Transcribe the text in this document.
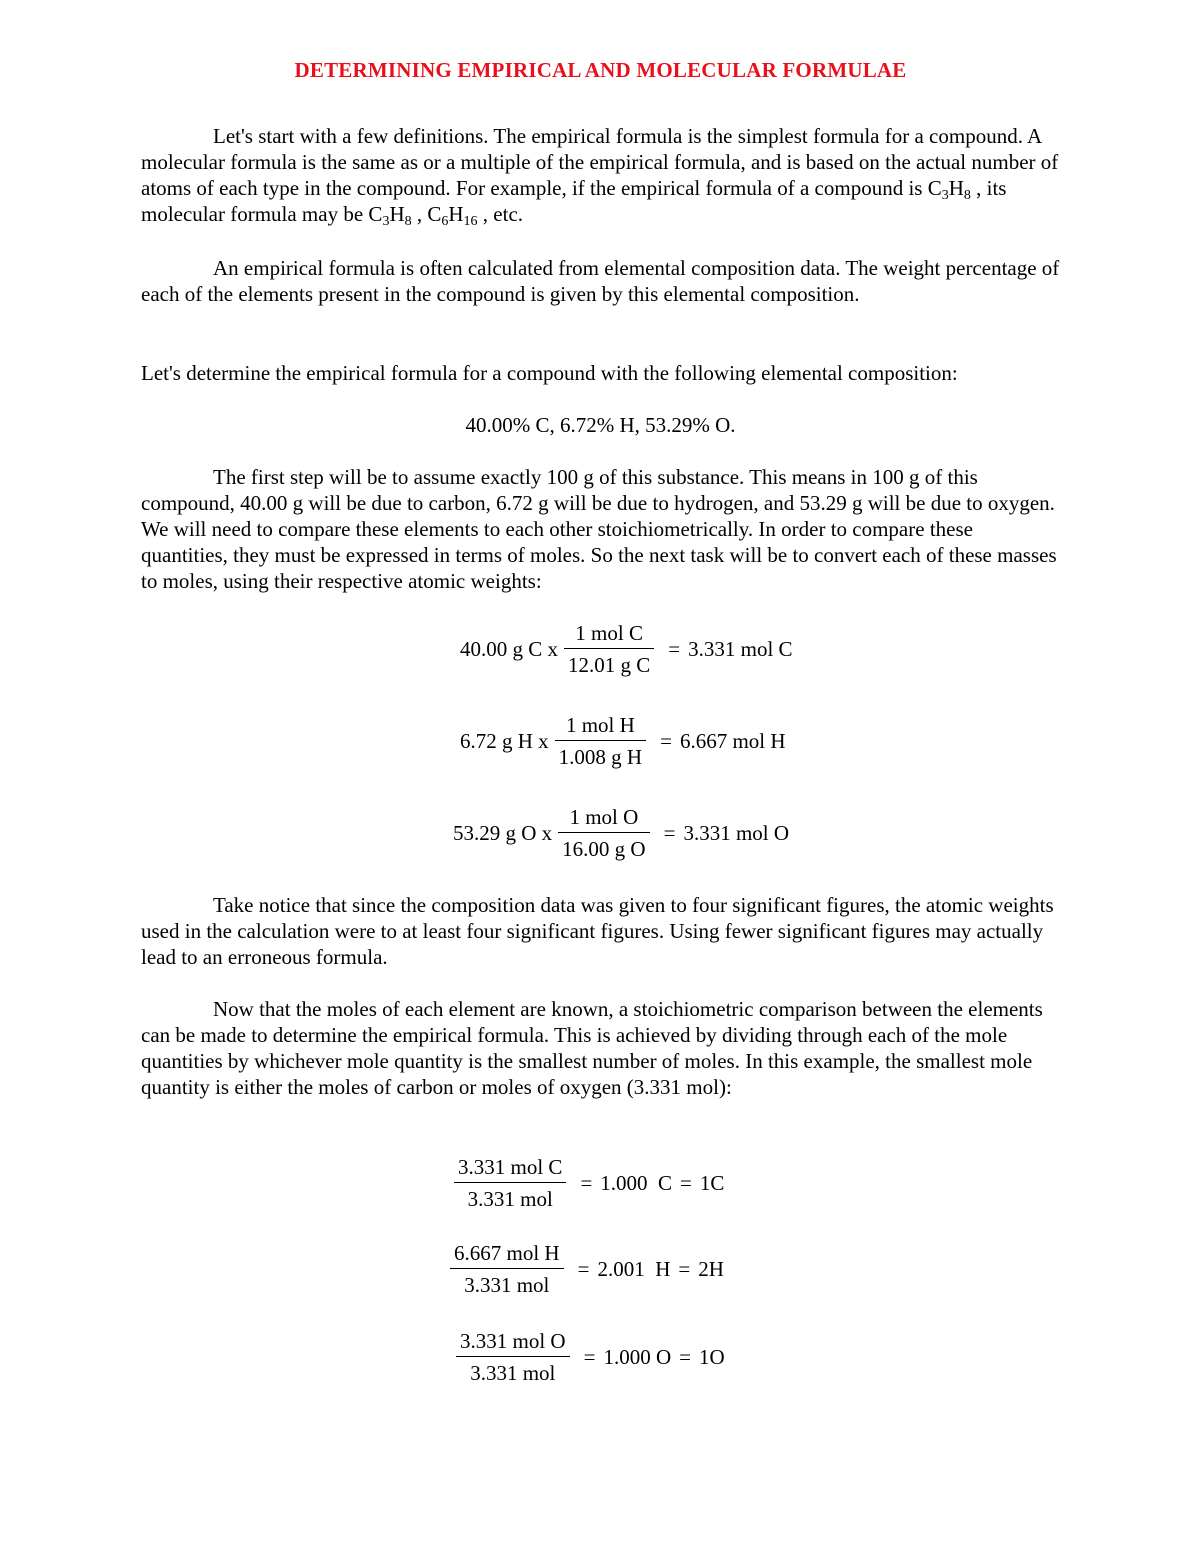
DETERMINING EMPIRICAL AND MOLECULAR FORMULAE

Let's start with a few definitions. The empirical formula is the simplest formula for a compound. A molecular formula is the same as or a multiple of the empirical formula, and is based on the actual number of atoms of each type in the compound. For example, if the empirical formula of a compound is $C_3H_8$ , its molecular formula may be $C_3H_8$ , $C_6H_{16}$ , etc.

An empirical formula is often calculated from elemental composition data. The weight percentage of each of the elements present in the compound is given by this elemental composition.

Let's determine the empirical formula for a compound with the following elemental composition:

40.00% C, 6.72% H, 53.29% O.

The first step will be to assume exactly 100 g of this substance. This means in 100 g of this compound, 40.00 g will be due to carbon, 6.72 g will be due to hydrogen, and 53.29 g will be due to oxygen. We will need to compare these elements to each other stoichiometrically. In order to compare these quantities, they must be expressed in terms of moles. So the next task will be to convert each of these masses to moles, using their respective atomic weights:

40.00 g C x $\frac{\text{1 mol C}}{\text{12.01 g C}} = 3.331$ mol C
6.72 g H x $\frac{\text{1 mol H}}{\text{1.008 g H}} = 6.667$ mol H
53.29 g O x $\frac{\text{1 mol O}}{\text{16.00 g O}} = 3.331$ mol O

Take notice that since the composition data was given to four significant figures, the atomic weights used in the calculation were to at least four significant figures. Using fewer significant figures may actually lead to an erroneous formula.

Now that the moles of each element are known, a stoichiometric comparison between the elements can be made to determine the empirical formula. This is achieved by dividing through each of the mole quantities by whichever mole quantity is the smallest number of moles. In this example, the smallest mole quantity is either the moles of carbon or moles of oxygen (3.331 mol):

$\frac{\text{3.331 mol C}}{\text{3.331 mol}} = 1.000$  C = 1C
$\frac{\text{6.667 mol H}}{\text{3.331 mol}} = 2.001$  H = 2H
$\frac{\text{3.331 mol O}}{\text{3.331 mol}} = 1.000$ O = 1O
